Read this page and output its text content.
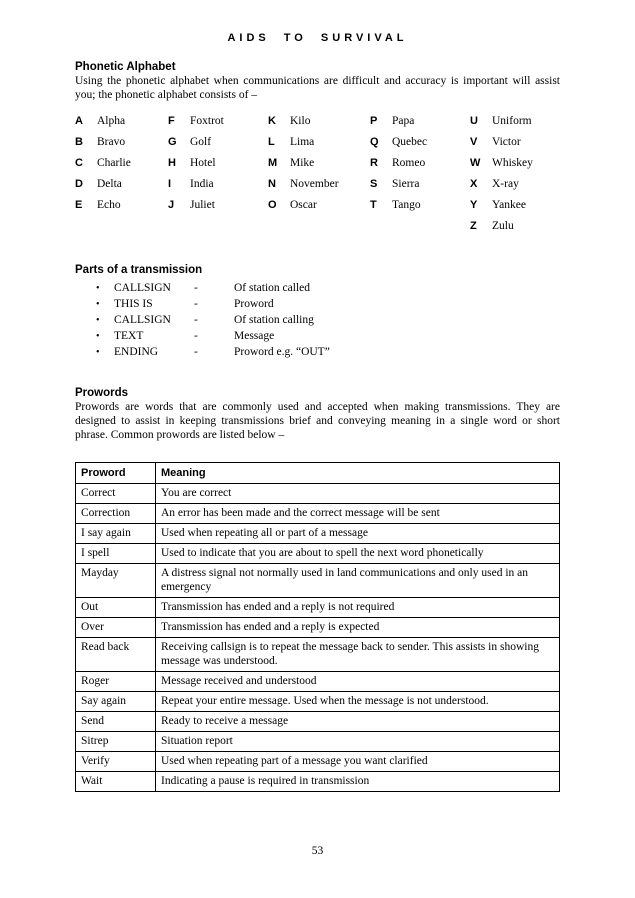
AIDS TO SURVIVAL
Phonetic Alphabet

Using the phonetic alphabet when communications are difficult and accuracy is important will assist you; the phonetic alphabet consists of –

A	Alpha
B	Bravo
C	Charlie
D	Delta
E	Echo
F	Foxtrot
G	Golf
H	Hotel
I	India
J	Juliet
K	Kilo
L	Lima
M	Mike
N	November
O	Oscar
P	Papa
Q	Quebec
R	Romeo
S	Sierra
T	Tango
U	Uniform
V	Victor
W	Whiskey
X	X-ray
Y	Yankee
Z	Zulu
Parts of a transmission
•	CALLSIGN	-	Of station called
•	THIS IS	-	Proword
•	CALLSIGN	-	Of station calling
•	TEXT	-	Message
•	ENDING	-	Proword e.g. “OUT”
Prowords

Prowords are words that are commonly used and accepted when making transmissions. They are designed to assist in keeping transmissions brief and conveying meaning in a single word or short phrase. Common prowords are listed below –

Proword	Meaning
Correct	You are correct
Correction	An error has been made and the correct message will be sent
I say again	Used when repeating all or part of a message
I spell	Used to indicate that you are about to spell the next word phonetically
Mayday	A distress signal not normally used in land communications and only used in an emergency
Out	Transmission has ended and a reply is not required
Over	Transmission has ended and a reply is expected
Read back	Receiving callsign is to repeat the message back to sender. This assists in showing message was understood.
Roger	Message received and understood
Say again	Repeat your entire message. Used when the message is not understood.
Send	Ready to receive a message
Sitrep	Situation report
Verify	Used when repeating part of a message you want clarified
Wait	Indicating a pause is required in transmission
53
